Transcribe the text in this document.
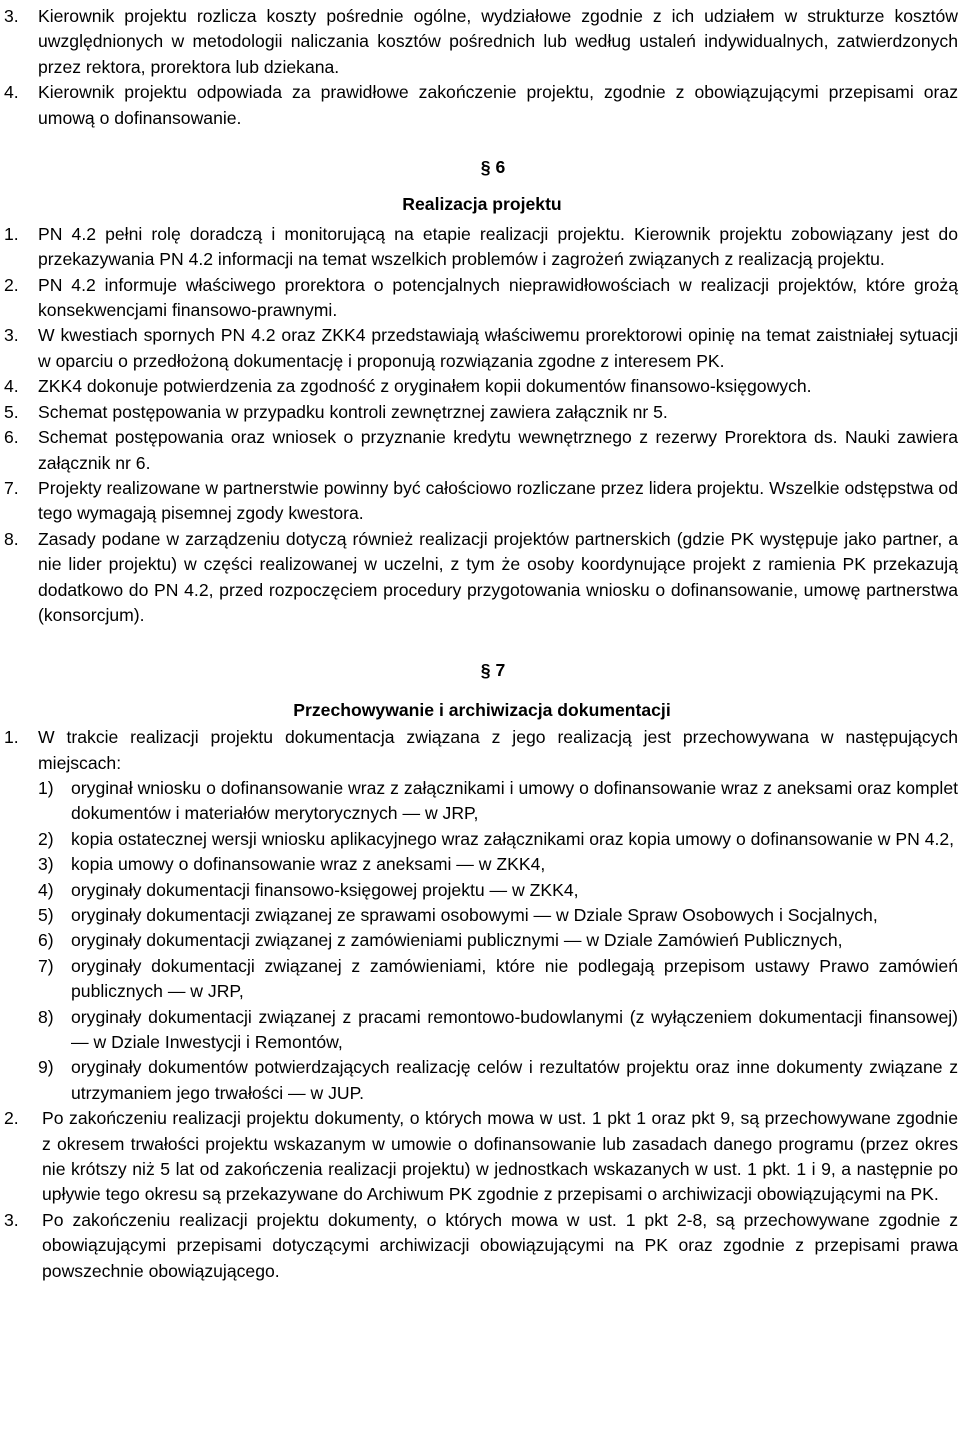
3. Kierownik projektu rozlicza koszty pośrednie ogólne, wydziałowe zgodnie z ich udziałem w strukturze kosztów uwzględnionych w metodologii naliczania kosztów pośrednich lub według ustaleń indywidualnych, zatwierdzonych przez rektora, prorektora lub dziekana.
4. Kierownik projektu odpowiada za prawidłowe zakończenie projektu, zgodnie z obowiązującymi przepisami oraz umową o dofinansowanie.
§ 6
Realizacja projektu
1. PN 4.2 pełni rolę doradczą i monitorującą na etapie realizacji projektu. Kierownik projektu zobowiązany jest do przekazywania PN 4.2 informacji na temat wszelkich problemów i zagrożeń związanych z realizacją projektu.
2. PN 4.2 informuje właściwego prorektora o potencjalnych nieprawidłowościach w realizacji projektów, które grożą konsekwencjami finansowo-prawnymi.
3. W kwestiach spornych PN 4.2 oraz ZKK4 przedstawiają właściwemu prorektorowi opinię na temat zaistniałej sytuacji w oparciu o przedłożoną dokumentację i proponują rozwiązania zgodne z interesem PK.
4. ZKK4 dokonuje potwierdzenia za zgodność z oryginałem kopii dokumentów finansowo-księgowych.
5. Schemat postępowania w przypadku kontroli zewnętrznej zawiera załącznik nr 5.
6. Schemat postępowania oraz wniosek o przyznanie kredytu wewnętrznego z rezerwy Prorektora ds. Nauki zawiera załącznik nr 6.
7. Projekty realizowane w partnerstwie powinny być całościowo rozliczane przez lidera projektu. Wszelkie odstępstwa od tego wymagają pisemnej zgody kwestora.
8. Zasady podane w zarządzeniu dotyczą również realizacji projektów partnerskich (gdzie PK występuje jako partner, a nie lider projektu) w części realizowanej w uczelni, z tym że osoby koordynujące projekt z ramienia PK przekazują dodatkowo do PN 4.2, przed rozpoczęciem procedury przygotowania wniosku o dofinansowanie, umowę partnerstwa (konsorcjum).
§ 7
Przechowywanie i archiwizacja dokumentacji
1. W trakcie realizacji projektu dokumentacja związana z jego realizacją jest przechowywana w następujących miejscach:
1) oryginał wniosku o dofinansowanie wraz z załącznikami i umowy o dofinansowanie wraz z aneksami oraz komplet dokumentów i materiałów merytorycznych — w JRP,
2) kopia ostatecznej wersji wniosku aplikacyjnego wraz załącznikami oraz kopia umowy o dofinansowanie w PN 4.2,
3) kopia umowy o dofinansowanie wraz z aneksami — w ZKK4,
4) oryginały dokumentacji finansowo-księgowej projektu — w ZKK4,
5) oryginały dokumentacji związanej ze sprawami osobowymi — w Dziale Spraw Osobowych i Socjalnych,
6) oryginały dokumentacji związanej z zamówieniami publicznymi — w Dziale Zamówień Publicznych,
7) oryginały dokumentacji związanej z zamówieniami, które nie podlegają przepisom ustawy Prawo zamówień publicznych — w JRP,
8) oryginały dokumentacji związanej z pracami remontowo-budowlanymi (z wyłączeniem dokumentacji finansowej) — w Dziale Inwestycji i Remontów,
9) oryginały dokumentów potwierdzających realizację celów i rezultatów projektu oraz inne dokumenty związane z utrzymaniem jego trwałości — w JUP.
2. Po zakończeniu realizacji projektu dokumenty, o których mowa w ust. 1 pkt 1 oraz pkt 9, są przechowywane zgodnie z okresem trwałości projektu wskazanym w umowie o dofinansowanie lub zasadach danego programu (przez okres nie krótszy niż 5 lat od zakończenia realizacji projektu) w jednostkach wskazanych w ust. 1 pkt. 1 i 9, a następnie po upływie tego okresu są przekazywane do Archiwum PK zgodnie z przepisami o archiwizacji obowiązującymi na PK.
3. Po zakończeniu realizacji projektu dokumenty, o których mowa w ust. 1 pkt 2-8, są przechowywane zgodnie z obowiązującymi przepisami dotyczącymi archiwizacji obowiązującymi na PK oraz zgodnie z przepisami prawa powszechnie obowiązującego.
